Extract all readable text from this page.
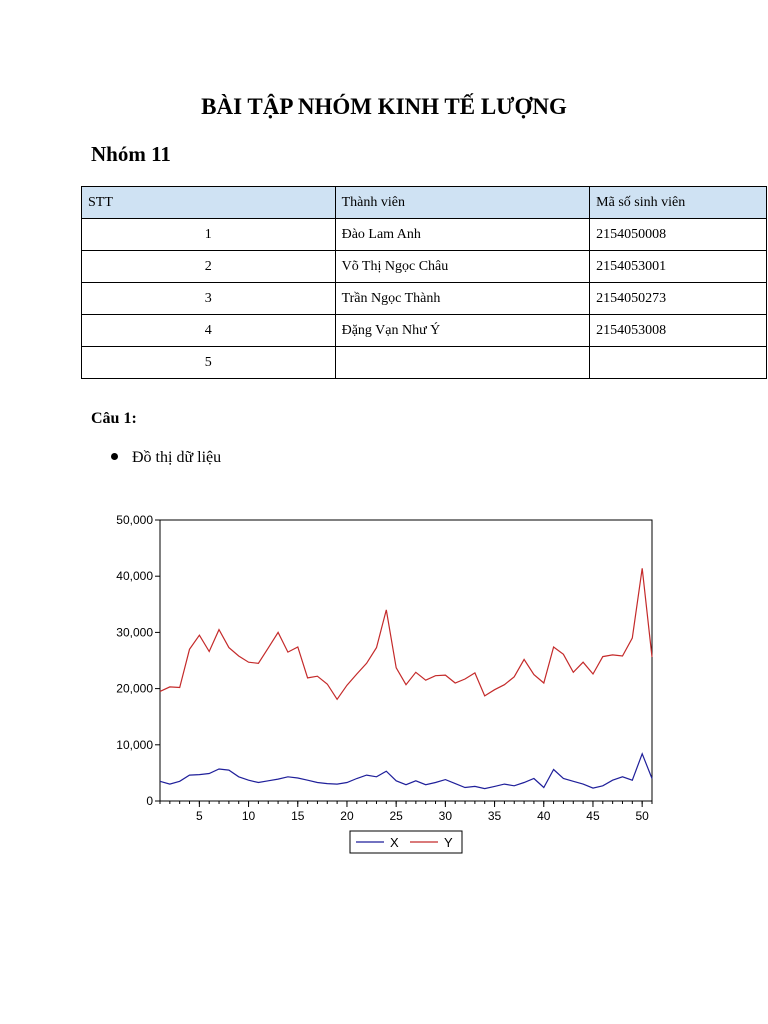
BÀI TẬP NHÓM KINH TẾ LƯỢNG
Nhóm 11
STT	Thành viên	Mã số sinh viên
1	Đào Lam Anh	2154050008
2	Võ Thị Ngọc Châu	2154053001
3	Trần Ngọc Thành	2154050273
4	Đặng Vạn Như Ý	2154053008
5		
Câu 1:
Đồ thị dữ liệu
0
10,000
20,000
30,000
40,000
50,000
5	10	15	20	25	30	35	40	45	50
X	Y
